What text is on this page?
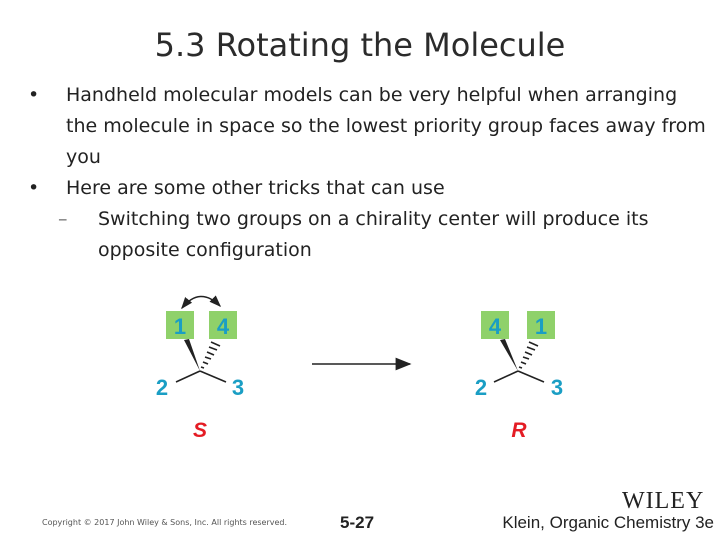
5.3 Rotating the Molecule
• Handheld molecular models can be very helpful when arranging the molecule in space so the lowest priority group faces away from you
• Here are some other tricks that can use
– Switching two groups on a chirality center will produce its opposite configuration
1 4
2	3
S
4 1
2	3
R
WILEY
Copyright © 2017 John Wiley & Sons, Inc. All rights reserved.	5-27	Klein, Organic Chemistry 3e
